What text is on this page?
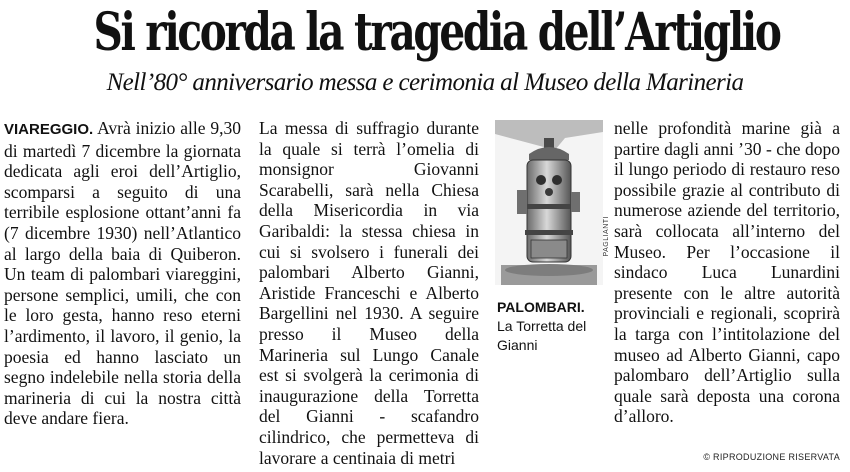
Si ricorda la tragedia dell’Artiglio
Nell’80° anniversario messa e cerimonia al Museo della Marineria
VIAREGGIO. Avrà inizio alle 9,30 di martedì 7 dicembre la giornata dedicata agli eroi dell’Artiglio, scomparsi a seguito di una terribile esplosione ottant’anni fa (7 dicembre 1930) nell’Atlantico al largo della baia di Quiberon. Un team di palombari viareggini, persone semplici, umili, che con le loro gesta, hanno reso eterni l’ardimento, il lavoro, il genio, la poesia ed hanno lasciato un segno indelebile nella storia della marineria di cui la nostra città deve andare fiera.
La messa di suffragio durante la quale si terrà l’omelia di monsignor Giovanni Scarabelli, sarà nella Chiesa della Misericordia in via Garibaldi: la stessa chiesa in cui si svolsero i funerali dei palombari Alberto Gianni, Aristide Franceschi e Alberto Bargellini nel 1930. A seguire presso il Museo della Marineria sul Lungo Canale est si svolgerà la cerimonia di inaugurazione della Torretta del Gianni - scafandro cilindrico, che permetteva di lavorare a centinaia di metri
PAGLIANTI
PALOMBARI.
La Torretta del Gianni
nelle profondità marine già a partire dagli anni ’30 - che dopo il lungo periodo di restauro reso possibile grazie al contributo di numerose aziende del territorio, sarà collocata all’interno del Museo. Per l’occasione il sindaco Luca Lunardini presente con le altre autorità provinciali e regionali, scoprirà la targa con l’intitolazione del museo ad Alberto Gianni, capo palombaro dell’Artiglio sulla quale sarà deposta una corona d’alloro.
© RIPRODUZIONE RISERVATA
